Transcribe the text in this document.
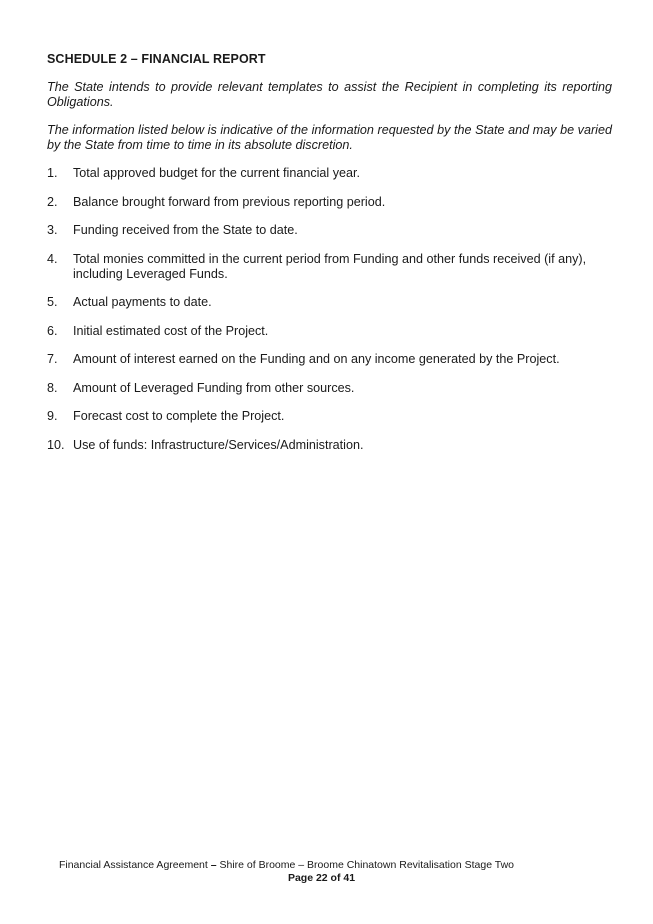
SCHEDULE 2 – FINANCIAL REPORT

The State intends to provide relevant templates to assist the Recipient in completing its reporting Obligations.

The information listed below is indicative of the information requested by the State and may be varied by the State from time to time in its absolute discretion.

1. Total approved budget for the current financial year.
2. Balance brought forward from previous reporting period.
3. Funding received from the State to date.
4. Total monies committed in the current period from Funding and other funds received (if any), including Leveraged Funds.
5. Actual payments to date.
6. Initial estimated cost of the Project.
7. Amount of interest earned on the Funding and on any income generated by the Project.
8. Amount of Leveraged Funding from other sources.
9. Forecast cost to complete the Project.
10. Use of funds: Infrastructure/Services/Administration.
Financial Assistance Agreement – Shire of Broome – Broome Chinatown Revitalisation Stage Two
Page 22 of 41
